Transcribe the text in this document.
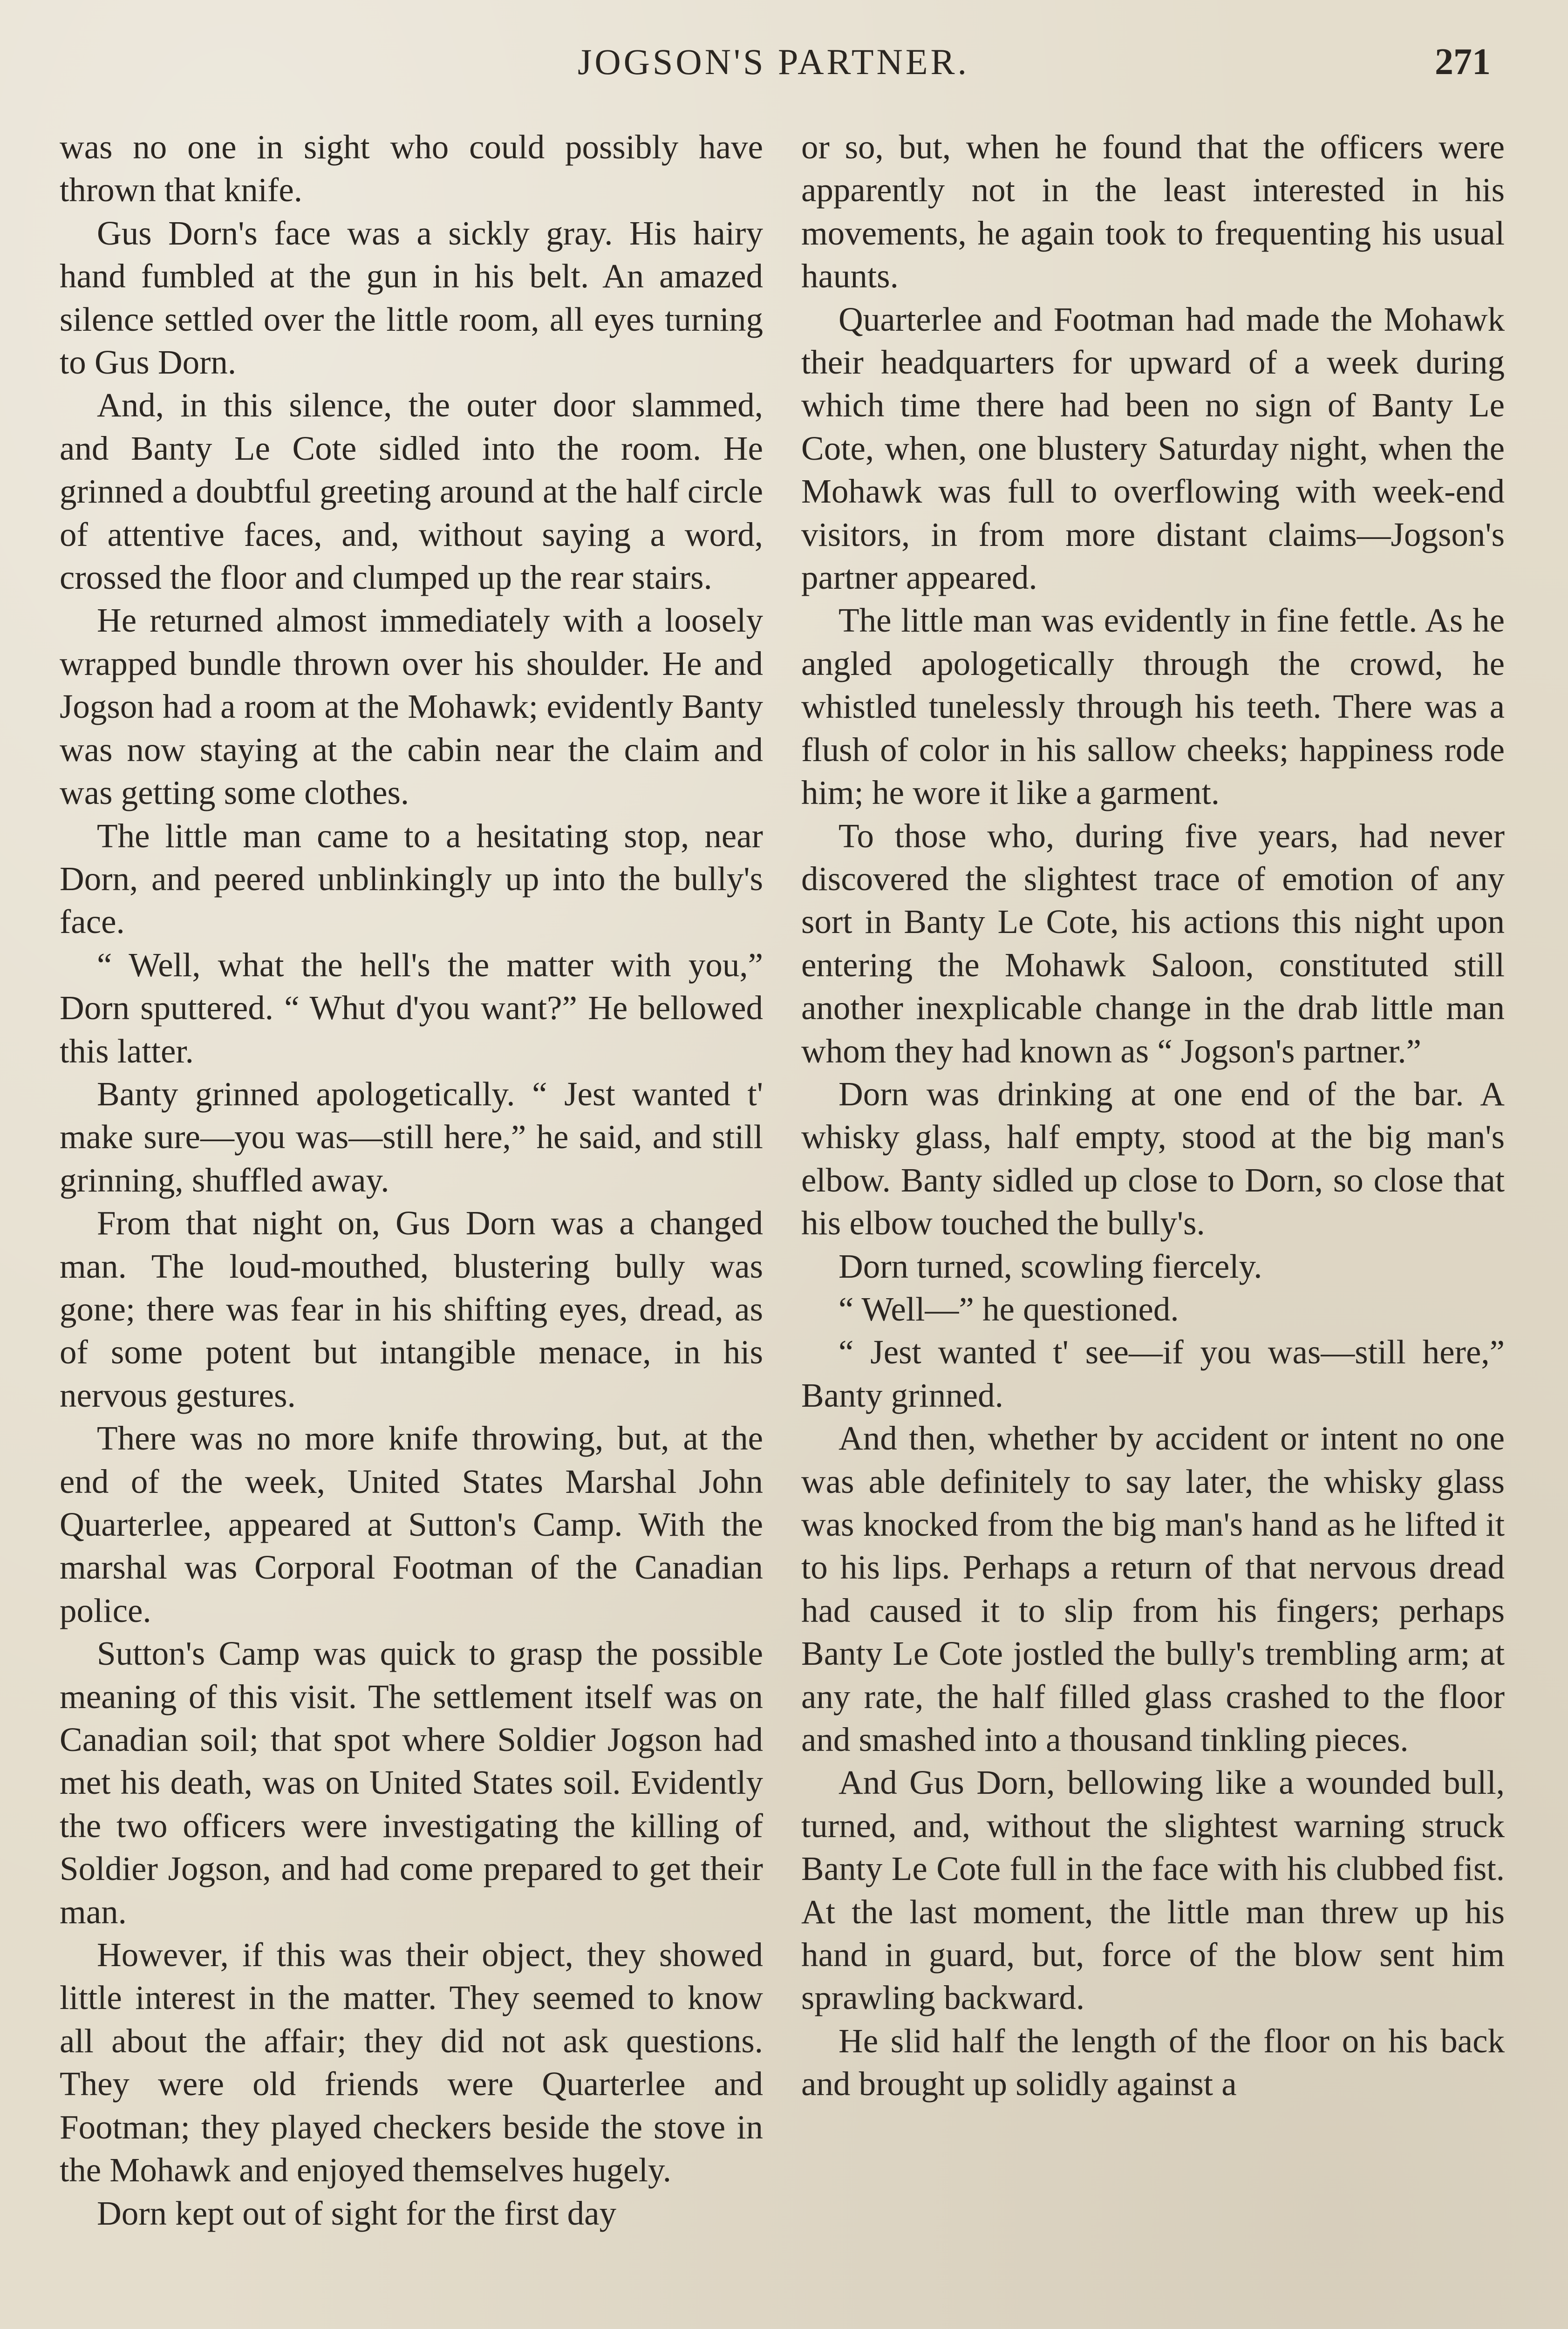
JOGSON'S PARTNER.	271

was no one in sight who could possibly have thrown that knife.

Gus Dorn's face was a sickly gray. His hairy hand fumbled at the gun in his belt. An amazed silence settled over the little room, all eyes turning to Gus Dorn.

And, in this silence, the outer door slammed, and Banty Le Cote sidled into the room. He grinned a doubtful greeting around at the half circle of attentive faces, and, without saying a word, crossed the floor and clumped up the rear stairs.

He returned almost immediately with a loosely wrapped bundle thrown over his shoulder. He and Jogson had a room at the Mohawk; evidently Banty was now staying at the cabin near the claim and was getting some clothes.

The little man came to a hesitating stop, near Dorn, and peered unblinkingly up into the bully's face.

“ Well, what the hell's the matter with you,” Dorn sputtered. “ Whut d'you want?” He bellowed this latter.

Banty grinned apologetically. “ Jest wanted t' make sure—you was—still here,” he said, and still grinning, shuffled away.

From that night on, Gus Dorn was a changed man. The loud-mouthed, blustering bully was gone; there was fear in his shifting eyes, dread, as of some potent but intangible menace, in his nervous gestures.

There was no more knife throwing, but, at the end of the week, United States Marshal John Quarterlee, appeared at Sutton's Camp. With the marshal was Corporal Footman of the Canadian police.

Sutton's Camp was quick to grasp the possible meaning of this visit. The settlement itself was on Canadian soil; that spot where Soldier Jogson had met his death, was on United States soil. Evidently the two officers were investigating the killing of Soldier Jogson, and had come prepared to get their man.

However, if this was their object, they showed little interest in the matter. They seemed to know all about the affair; they did not ask questions. They were old friends were Quarterlee and Footman; they played checkers beside the stove in the Mohawk and enjoyed themselves hugely.

Dorn kept out of sight for the first day

or so, but, when he found that the officers were apparently not in the least interested in his movements, he again took to frequenting his usual haunts.

Quarterlee and Footman had made the Mohawk their headquarters for upward of a week during which time there had been no sign of Banty Le Cote, when, one blustery Saturday night, when the Mohawk was full to overflowing with week-end visitors, in from more distant claims—Jogson's partner appeared.

The little man was evidently in fine fettle. As he angled apologetically through the crowd, he whistled tunelessly through his teeth. There was a flush of color in his sallow cheeks; happiness rode him; he wore it like a garment.

To those who, during five years, had never discovered the slightest trace of emotion of any sort in Banty Le Cote, his actions this night upon entering the Mohawk Saloon, constituted still another inexplicable change in the drab little man whom they had known as “ Jogson's partner.”

Dorn was drinking at one end of the bar. A whisky glass, half empty, stood at the big man's elbow. Banty sidled up close to Dorn, so close that his elbow touched the bully's.

Dorn turned, scowling fiercely.

“ Well—” he questioned.

“ Jest wanted t' see—if you was—still here,” Banty grinned.

And then, whether by accident or intent no one was able definitely to say later, the whisky glass was knocked from the big man's hand as he lifted it to his lips. Perhaps a return of that nervous dread had caused it to slip from his fingers; perhaps Banty Le Cote jostled the bully's trembling arm; at any rate, the half filled glass crashed to the floor and smashed into a thousand tinkling pieces.

And Gus Dorn, bellowing like a wounded bull, turned, and, without the slightest warning struck Banty Le Cote full in the face with his clubbed fist. At the last moment, the little man threw up his hand in guard, but, force of the blow sent him sprawling backward.

He slid half the length of the floor on his back and brought up solidly against a
